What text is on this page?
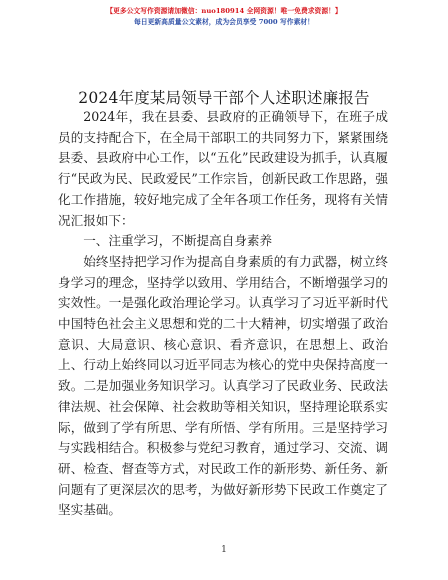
【更多公文写作资源请加微信：nuo180914 全网资源！唯一免费求资源！】
每日更新高质量公文素材，成为会员享受 7000 写作素材！
2024年度某局领导干部个人述职述廉报告

2024年，我在县委、县政府的正确领导下，在班子成员的支持配合下，在全局干部职工的共同努力下，紧紧围绕县委、县政府中心工作，以“五化”民政建设为抓手，认真履行“民政为民、民政爱民”工作宗旨，创新民政工作思路，强化工作措施，较好地完成了全年各项工作任务，现将有关情况汇报如下：

一、注重学习，不断提高自身素养

始终坚持把学习作为提高自身素质的有力武器，树立终身学习的理念，坚持学以致用、学用结合，不断增强学习的实效性。一是强化政治理论学习。认真学习了习近平新时代中国特色社会主义思想和党的二十大精神，切实增强了政治意识、大局意识、核心意识、看齐意识，在思想上、政治上、行动上始终同以习近平同志为核心的党中央保持高度一致。二是加强业务知识学习。认真学习了民政业务、民政法律法规、社会保障、社会救助等相关知识，坚持理论联系实际，做到了学有所思、学有所悟、学有所用。三是坚持学习与实践相结合。积极参与党纪习教育，通过学习、交流、调研、检查、督查等方式，对民政工作的新形势、新任务、新问题有了更深层次的思考，为做好新形势下民政工作奠定了坚实基础。

1
